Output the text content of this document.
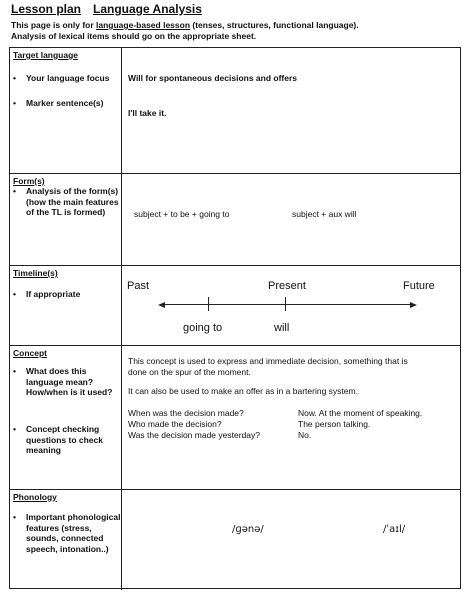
Lesson plan Language Analysis
This page is only for language-based lesson (tenses, structures, functional language).
Analysis of lexical items should go on the appropriate sheet.
Target language
• Your language focus
• Marker sentence(s)
Will for spontaneous decisions and offers
I'll take it.
Form(s)
• Analysis of the form(s) (how the main features of the TL is formed)	subject + to be + going to	subject + aux will
Timeline(s)
• If appropriate
Past	Present	Future
going to	will
Concept
• What does this language mean? How/when is it used?
• Concept checking questions to check meaning
This concept is used to express and immediate decision, something that is
done on the spur of the moment.
It can also be used to make an offer as in a bartering system.
When was the decision made?	Now. At the moment of speaking.
Who made the decision?	The person talking.
Was the decision made yesterday?	No.
Phonology
• Important phonological features (stress, sounds, connected speech, intonation..)
/ɡənə/	/ˈaɪl/
